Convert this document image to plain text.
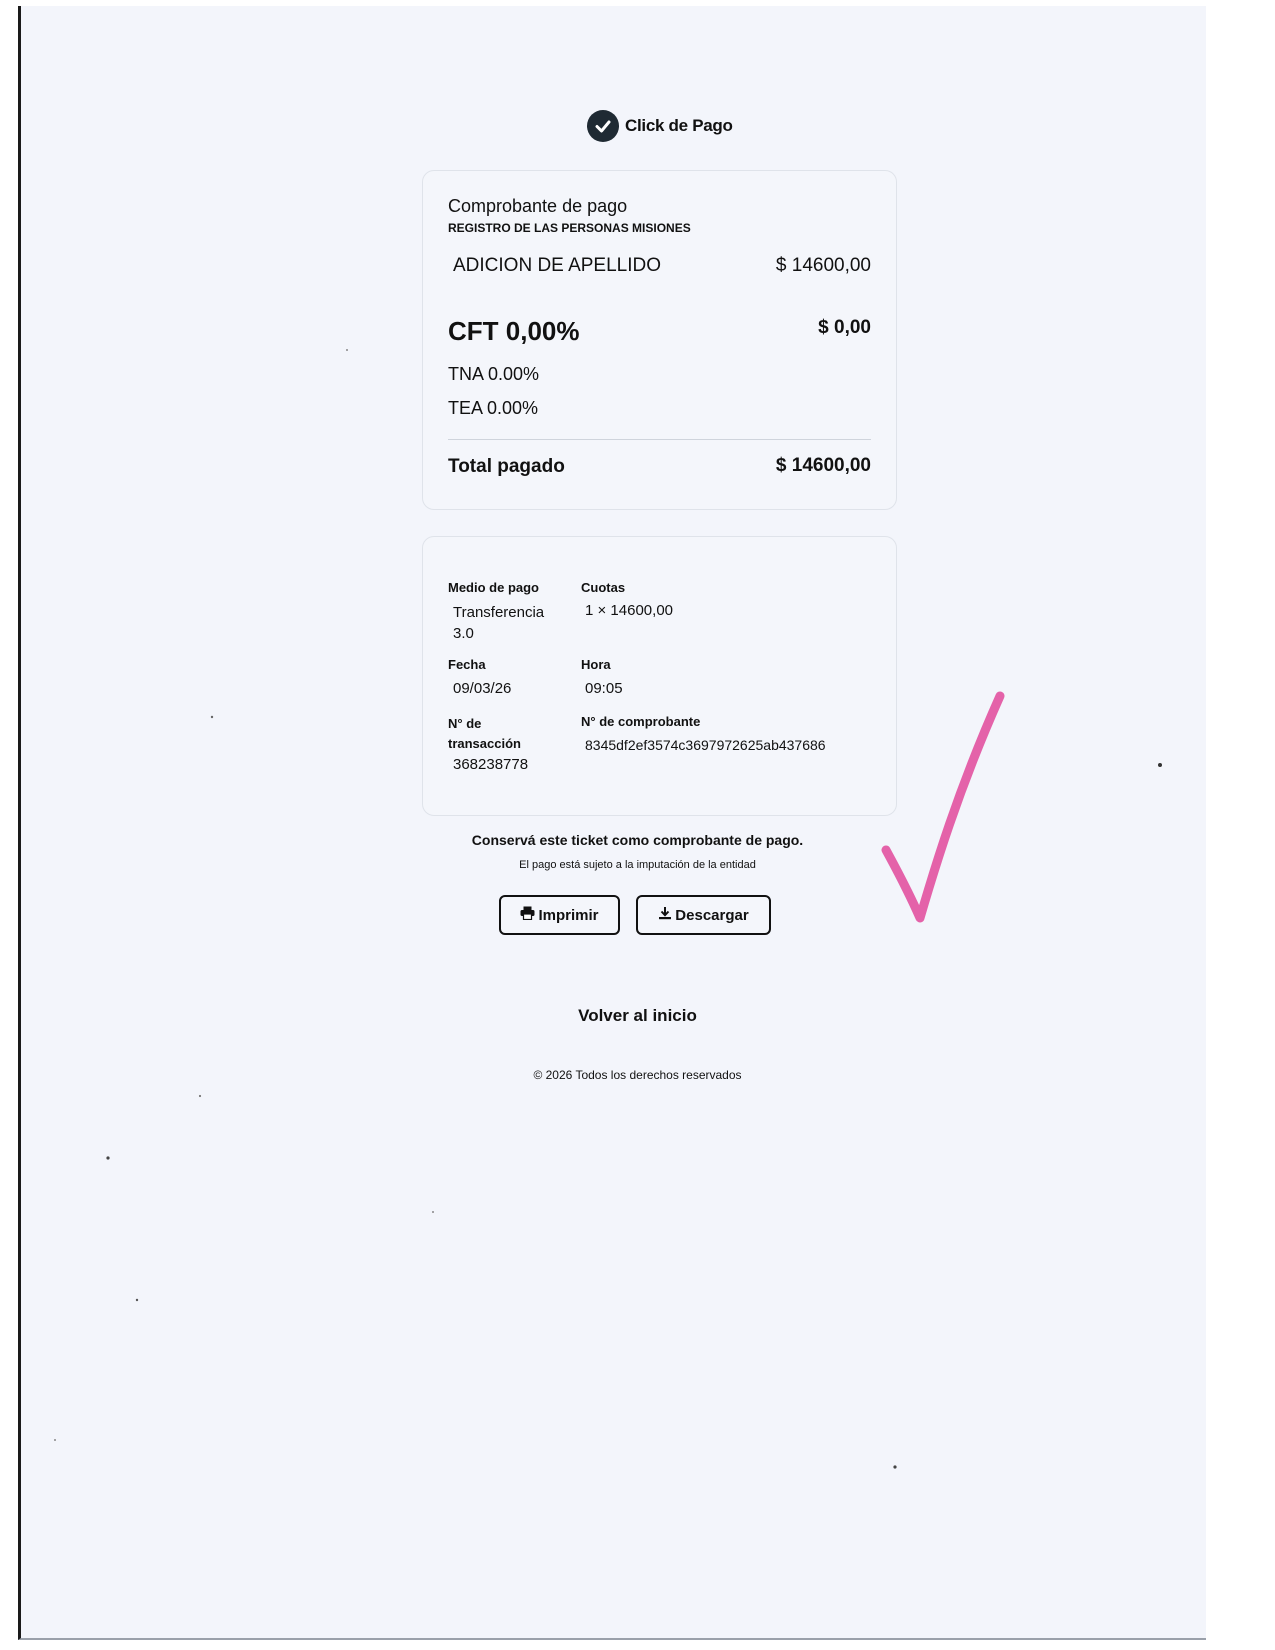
Click de Pago
Comprobante de pago
REGISTRO DE LAS PERSONAS MISIONES
ADICION DE APELLIDO	$ 14600,00
CFT 0,00%	$ 0,00
TNA 0.00%
TEA 0.00%
Total pagado	$ 14600,00
Medio de pago
Transferencia 3.0
Cuotas
1 × 14600,00
Fecha
09/03/26
Hora
09:05
N° de transacción
368238778
N° de comprobante
8345df2ef3574c3697972625ab437686
Conservá este ticket como comprobante de pago.
El pago está sujeto a la imputación de la entidad
Imprimir	Descargar
Volver al inicio
© 2026 Todos los derechos reservados
